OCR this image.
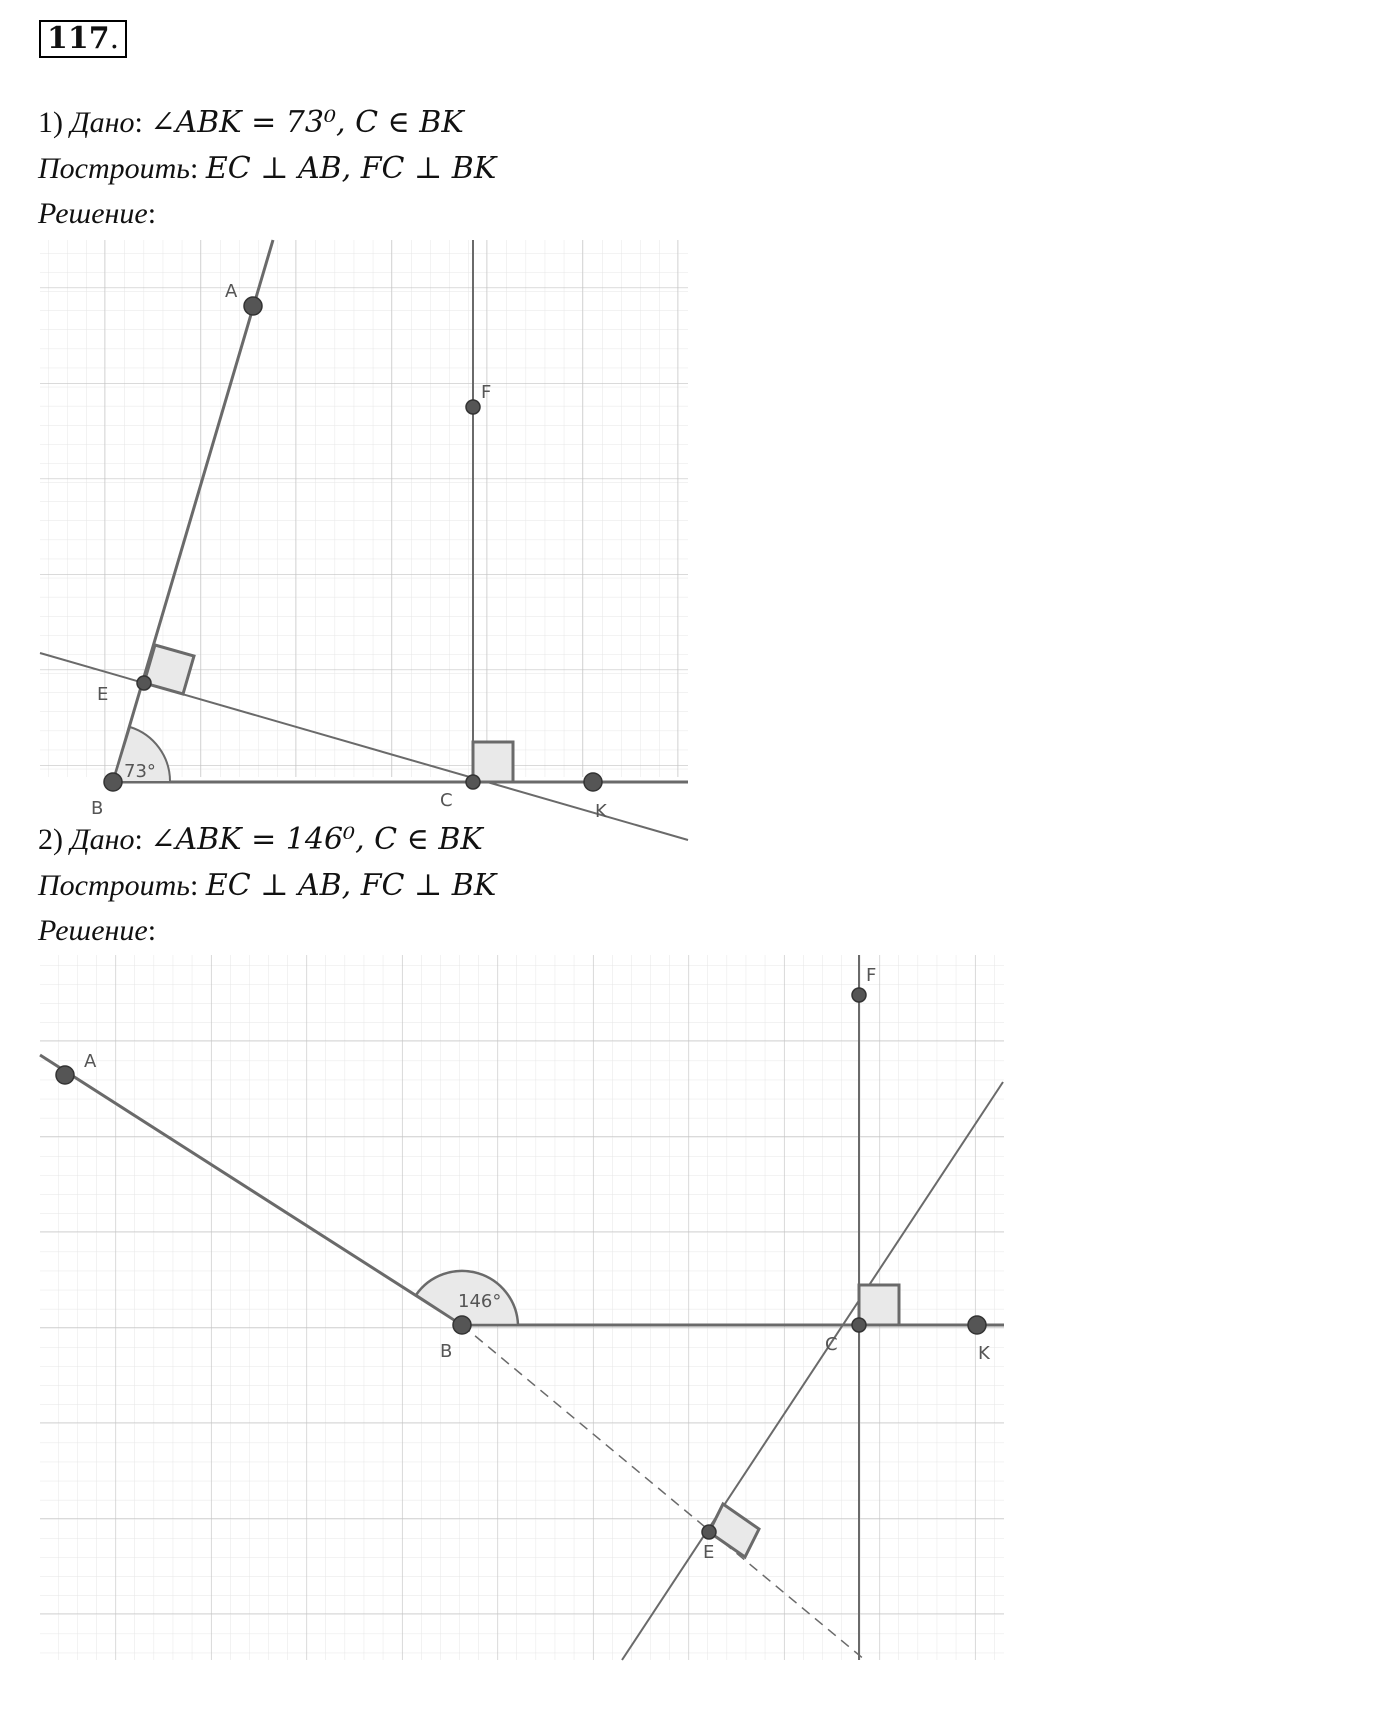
117.
1) Дано: ∠ABK = 73⁰, C ∈ BK
Построить: EC ⊥ AB, FC ⊥ BK
Решение:
A
F
E
B	C
K
73°
2) Дано: ∠ABK = 146⁰, C ∈ BK
Построить: EC ⊥ AB, FC ⊥ BK
Решение:
A
F
B	C	K
E
146°
